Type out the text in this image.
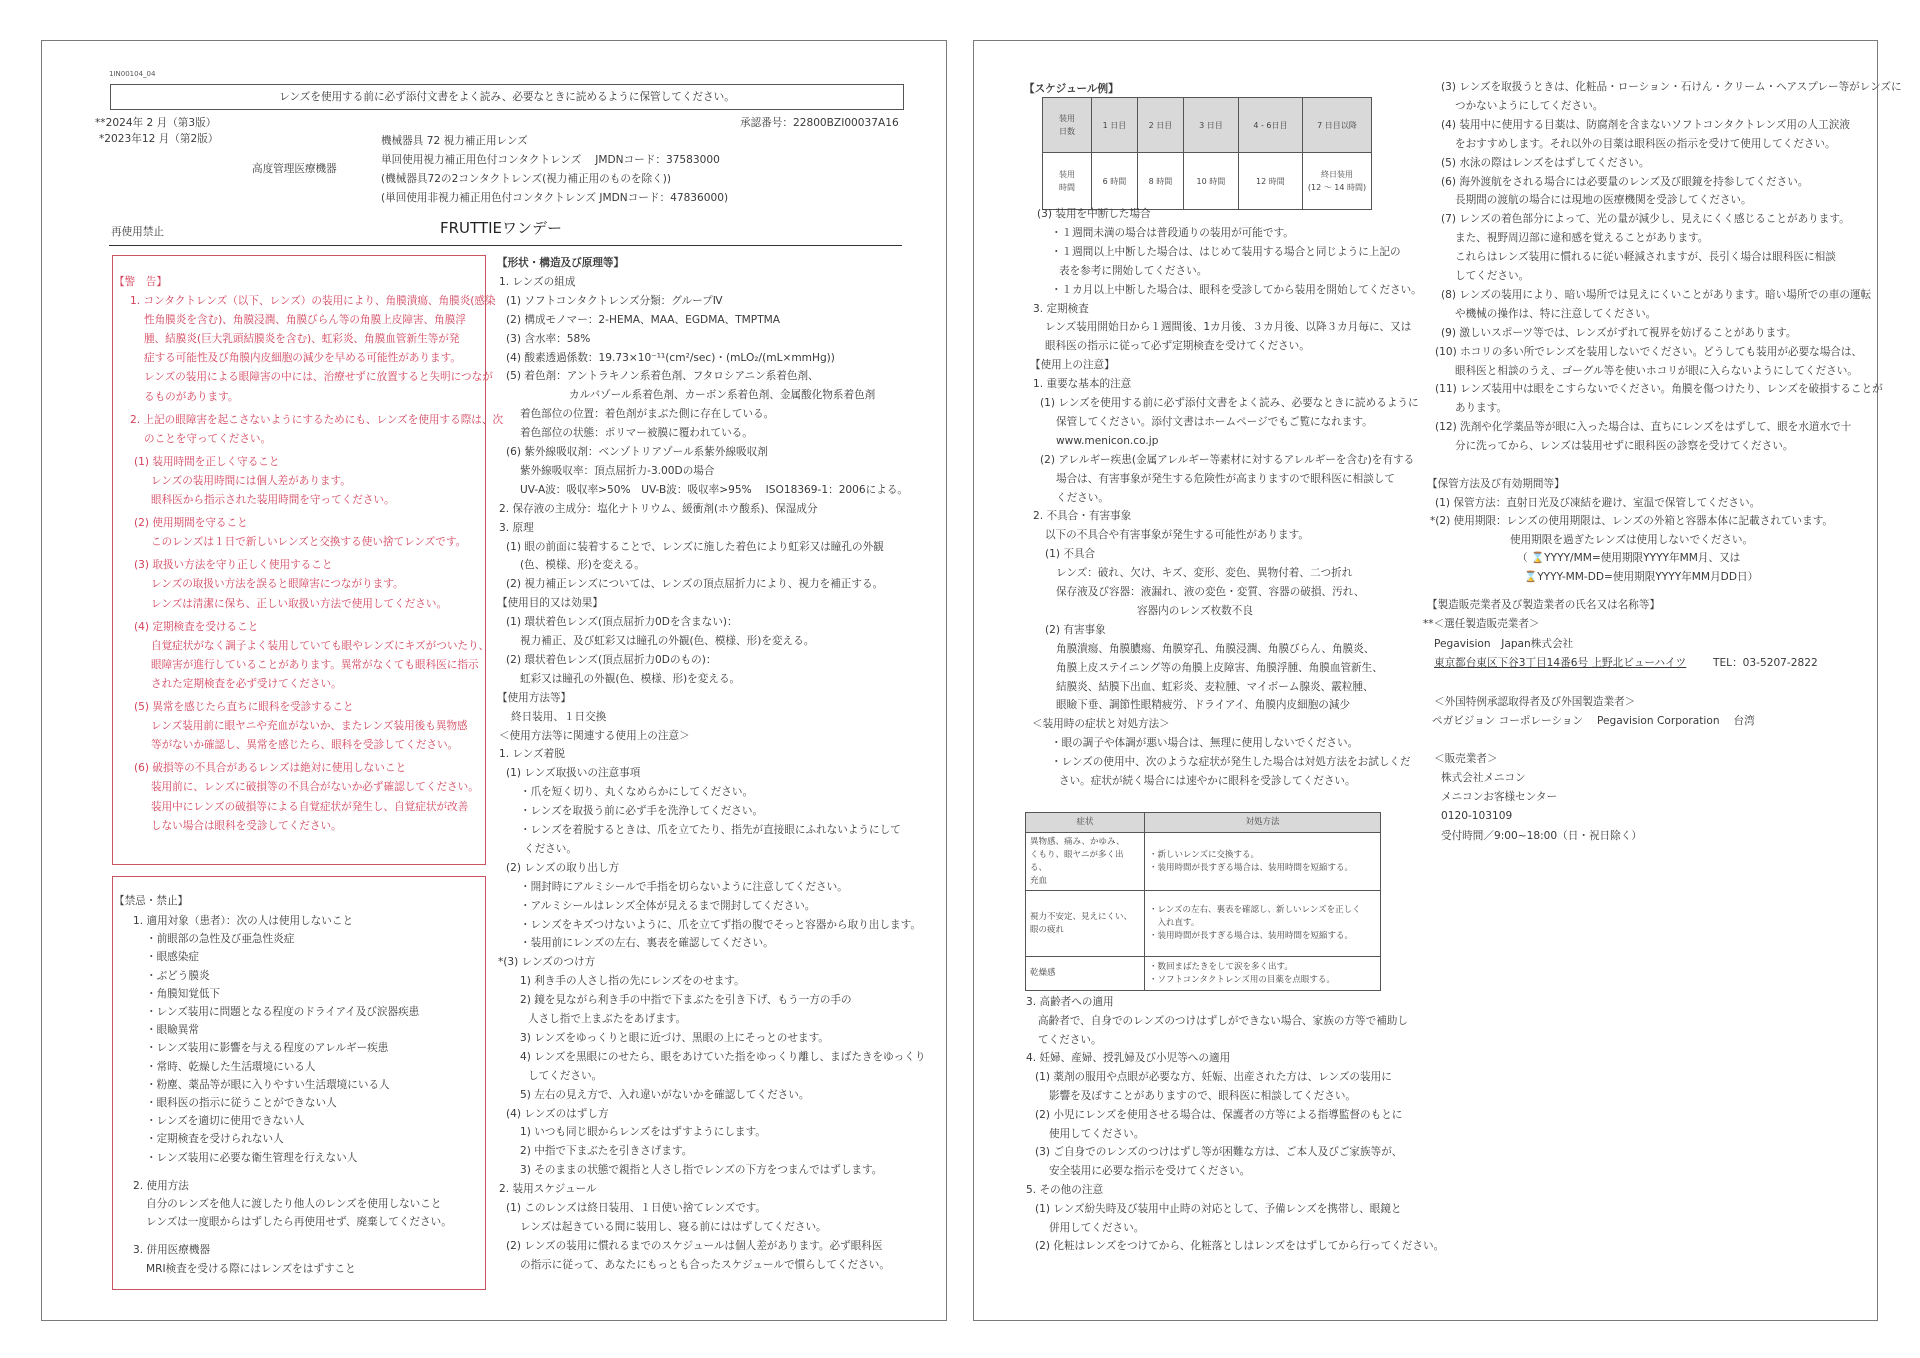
1IN00104_04
レンズを使用する前に必ず添付文書をよく読み、必要なときに読めるように保管してください。
**2024年 2 月（第3版）
*2023年12 月（第2版）
承認番号：22800BZI00037A16
高度管理医療機器
機械器具 72 視力補正用レンズ
単回使用視力補正用色付コンタクトレンズ　 JMDNコード：37583000
(機械器具72の2コンタクトレンズ(視力補正用のものを除く))
(単回使用非視力補正用色付コンタクトレンズ JMDNコード：47836000)
再使用禁止	FRUTTIEワンデー
【警　告】
1. コンタクトレンズ（以下、レンズ）の装用により、角膜潰瘍、角膜炎(感染
性角膜炎を含む)、角膜浸潤、角膜びらん等の角膜上皮障害、角膜浮
腫、結膜炎(巨大乳頭結膜炎を含む)、虹彩炎、角膜血管新生等が発
症する可能性及び角膜内皮細胞の減少を早める可能性があります。
レンズの装用による眼障害の中には、治療せずに放置すると失明につなが
るものがあります。
2. 上記の眼障害を起こさないようにするためにも、レンズを使用する際は、次
のことを守ってください。
(1) 装用時間を正しく守ること
レンズの装用時間には個人差があります。
眼科医から指示された装用時間を守ってください。
(2) 使用期間を守ること
このレンズは１日で新しいレンズと交換する使い捨てレンズです。
(3) 取扱い方法を守り正しく使用すること
レンズの取扱い方法を誤ると眼障害につながります。
レンズは清潔に保ち、正しい取扱い方法で使用してください。
(4) 定期検査を受けること
自覚症状がなく調子よく装用していても眼やレンズにキズがついたり、
眼障害が進行していることがあります。異常がなくても眼科医に指示
された定期検査を必ず受けてください。
(5) 異常を感じたら直ちに眼科を受診すること
レンズ装用前に眼ヤニや充血がないか、またレンズ装用後も異物感
等がないか確認し、異常を感じたら、眼科を受診してください。
(6) 破損等の不具合があるレンズは絶対に使用しないこと
装用前に、レンズに破損等の不具合がないか必ず確認してください。
装用中にレンズの破損等による自覚症状が発生し、自覚症状が改善
しない場合は眼科を受診してください。
【禁忌・禁止】
1. 適用対象（患者）：次の人は使用しないこと
・前眼部の急性及び亜急性炎症
・眼感染症
・ぶどう膜炎
・角膜知覚低下
・レンズ装用に問題となる程度のドライアイ及び涙器疾患
・眼瞼異常
・レンズ装用に影響を与える程度のアレルギー疾患
・常時、乾燥した生活環境にいる人
・粉塵、薬品等が眼に入りやすい生活環境にいる人
・眼科医の指示に従うことができない人
・レンズを適切に使用できない人
・定期検査を受けられない人
・レンズ装用に必要な衛生管理を行えない人
2. 使用方法
自分のレンズを他人に渡したり他人のレンズを使用しないこと
レンズは一度眼からはずしたら再使用せず、廃棄してください。
3. 併用医療機器
MRI検査を受ける際にはレンズをはずすこと
【形状・構造及び原理等】
1. レンズの組成
(1) ソフトコンタクトレンズ分類：グループⅣ
(2) 構成モノマー：2-HEMA、MAA、EGDMA、TMPTMA
(3) 含水率：58%
(4) 酸素透過係数：19.73×10⁻¹¹(cm²/sec)・(mLO₂/(mL×mmHg))
(5) 着色剤：アントラキノン系着色剤、フタロシアニン系着色剤、
カルバゾール系着色剤、カーボン系着色剤、金属酸化物系着色剤
着色部位の位置：着色剤がまぶた側に存在している。
着色部位の状態：ポリマー被膜に覆われている。
(6) 紫外線吸収剤：ベンゾトリアゾール系紫外線吸収剤
紫外線吸収率：頂点屈折力-3.00Dの場合
UV-A波：吸収率>50%　UV-B波：吸収率>95%　 ISO18369-1：2006による。
2. 保存液の主成分：塩化ナトリウム、緩衝剤(ホウ酸系)、保湿成分
3. 原理
(1) 眼の前面に装着することで、レンズに施した着色により虹彩又は瞳孔の外観
(色、模様、形)を変える。
(2) 視力補正レンズについては、レンズの頂点屈折力により、視力を補正する。
【使用目的又は効果】
(1) 環状着色レンズ(頂点屈折力0Dを含まない)：
視力補正、及び虹彩又は瞳孔の外観(色、模様、形)を変える。
(2) 環状着色レンズ(頂点屈折力0Dのもの)：
虹彩又は瞳孔の外観(色、模様、形)を変える。
【使用方法等】
終日装用、１日交換
＜使用方法等に関連する使用上の注意＞
1. レンズ着脱
(1) レンズ取扱いの注意事項
・爪を短く切り、丸くなめらかにしてください。
・レンズを取扱う前に必ず手を洗浄してください。
・レンズを着脱するときは、爪を立てたり、指先が直接眼にふれないようにして
ください。
(2) レンズの取り出し方
・開封時にアルミシールで手指を切らないように注意してください。
・アルミシールはレンズ全体が見えるまで開封してください。
・レンズをキズつけないように、爪を立てず指の腹でそっと容器から取り出します。
・装用前にレンズの左右、裏表を確認してください。
*(3) レンズのつけ方
1) 利き手の人さし指の先にレンズをのせます。
2) 鏡を見ながら利き手の中指で下まぶたを引き下げ、もう一方の手の
人さし指で上まぶたをあげます。
3) レンズをゆっくりと眼に近づけ、黒眼の上にそっとのせます。
4) レンズを黒眼にのせたら、眼をあけていた指をゆっくり離し、まばたきをゆっくり
してください。
5) 左右の見え方で、入れ違いがないかを確認してください。
(4) レンズのはずし方
1) いつも同じ眼からレンズをはずすようにします。
2) 中指で下まぶたを引きさげます。
3) そのままの状態で親指と人さし指でレンズの下方をつまんではずします。
2. 装用スケジュール
(1) このレンズは終日装用、１日使い捨てレンズです。
レンズは起きている間に装用し、寝る前にははずしてください。
(2) レンズの装用に慣れるまでのスケジュールは個人差があります。必ず眼科医
の指示に従って、あなたにもっとも合ったスケジュールで慣らしてください。
【スケジュール例】
装用
日数	1 日目	2 日目	3 日目	4 - 6日目	7 日目以降
装用
時間	6 時間	8 時間	10 時間	12 時間	終日装用
(12 ～ 14 時間)
(3) 装用を中断した場合
・１週間未満の場合は普段通りの装用が可能です。
・１週間以上中断した場合は、はじめて装用する場合と同じように上記の
表を参考に開始してください。
・１カ月以上中断した場合は、眼科を受診してから装用を開始してください。
3. 定期検査
レンズ装用開始日から１週間後、1カ月後、３カ月後、以降３カ月毎に、又は
眼科医の指示に従って必ず定期検査を受けてください。
【使用上の注意】
1. 重要な基本的注意
(1) レンズを使用する前に必ず添付文書をよく読み、必要なときに読めるように
保管してください。添付文書はホームページでもご覧になれます。
www.menicon.co.jp
(2) アレルギー疾患(金属アレルギー等素材に対するアレルギーを含む)を有する
場合は、有害事象が発生する危険性が高まりますので眼科医に相談して
ください。
2. 不具合・有害事象
以下の不具合や有害事象が発生する可能性があります。
(1) 不具合
レンズ：破れ、欠け、キズ、変形、変色、異物付着、二つ折れ
保存液及び容器：液漏れ、液の変色・変質、容器の破損、汚れ、
容器内のレンズ枚数不良
(2) 有害事象
角膜潰瘍、角膜膿瘍、角膜穿孔、角膜浸潤、角膜びらん、角膜炎、
角膜上皮ステイニング等の角膜上皮障害、角膜浮腫、角膜血管新生、
結膜炎、結膜下出血、虹彩炎、麦粒腫、マイボーム腺炎、霰粒腫、
眼瞼下垂、調節性眼精疲労、ドライアイ、角膜内皮細胞の減少
＜装用時の症状と対処方法＞
・眼の調子や体調が悪い場合は、無理に使用しないでください。
・レンズの使用中、次のような症状が発生した場合は対処方法をお試しくだ
さい。症状が続く場合には速やかに眼科を受診してください。
症状	対処方法
異物感、痛み、かゆみ、
くもり、眼ヤニが多く出る、
充血	・新しいレンズに交換する。
・装用時間が長すぎる場合は、装用時間を短縮する。
視力不安定、見えにくい、
眼の疲れ	・レンズの左右、裏表を確認し、新しいレンズを正しく
　入れ直す。
・装用時間が長すぎる場合は、装用時間を短縮する。
乾燥感	・数回まばたきをして涙を多く出す。
・ソフトコンタクトレンズ用の目薬を点眼する。
3. 高齢者への適用
高齢者で、自身でのレンズのつけはずしができない場合、家族の方等で補助し
てください。
4. 妊婦、産婦、授乳婦及び小児等への適用
(1) 薬剤の服用や点眼が必要な方、妊娠、出産された方は、レンズの装用に
影響を及ぼすことがありますので、眼科医に相談してください。
(2) 小児にレンズを使用させる場合は、保護者の方等による指導監督のもとに
使用してください。
(3) ご自身でのレンズのつけはずし等が困難な方は、ご本人及びご家族等が、
安全装用に必要な指示を受けてください。
5. その他の注意
(1) レンズ紛失時及び装用中止時の対応として、予備レンズを携帯し、眼鏡と
併用してください。
(2) 化粧はレンズをつけてから、化粧落としはレンズをはずしてから行ってください。
(3) レンズを取扱うときは、化粧品・ローション・石けん・クリーム・ヘアスプレー等がレンズに
つかないようにしてください。
(4) 装用中に使用する目薬は、防腐剤を含まないソフトコンタクトレンズ用の人工涙液
をおすすめします。それ以外の目薬は眼科医の指示を受けて使用してください。
(5) 水泳の際はレンズをはずしてください。
(6) 海外渡航をされる場合には必要量のレンズ及び眼鏡を持参してください。
長期間の渡航の場合には現地の医療機関を受診してください。
(7) レンズの着色部分によって、光の量が減少し、見えにくく感じることがあります。
また、視野周辺部に違和感を覚えることがあります。
これらはレンズ装用に慣れるに従い軽減されますが、長引く場合は眼科医に相談
してください。
(8) レンズの装用により、暗い場所では見えにくいことがあります。暗い場所での車の運転
や機械の操作は、特に注意してください。
(9) 激しいスポーツ等では、レンズがずれて視界を妨げることがあります。
(10) ホコリの多い所でレンズを装用しないでください。どうしても装用が必要な場合は、
眼科医と相談のうえ、ゴーグル等を使いホコリが眼に入らないようにしてください。
(11) レンズ装用中は眼をこすらないでください。角膜を傷つけたり、レンズを破損することが
あります。
(12) 洗剤や化学薬品等が眼に入った場合は、直ちにレンズをはずして、眼を水道水で十
分に洗ってから、レンズは装用せずに眼科医の診察を受けてください。
【保管方法及び有効期間等】
(1) 保管方法：直射日光及び凍結を避け、室温で保管してください。
*(2) 使用期限：レンズの使用期限は、レンズの外箱と容器本体に記載されています。
使用期限を過ぎたレンズは使用しないでください。
（ ⌛YYYY/MM=使用期限YYYY年MM月、又は
⌛YYYY-MM-DD=使用期限YYYY年MM月DD日）
【製造販売業者及び製造業者の氏名又は名称等】
**＜選任製造販売業者＞
Pegavision　Japan株式会社
東京都台東区下谷3丁目14番6号 上野北ビューハイツ	TEL：03-5207-2822
＜外国特例承認取得者及び外国製造業者＞
ペガビジョン コーポレーション　 Pegavision Corporation　 台湾
＜販売業者＞
株式会社メニコン
メニコンお客様センター
0120-103109
受付時間／9:00~18:00（日・祝日除く）
